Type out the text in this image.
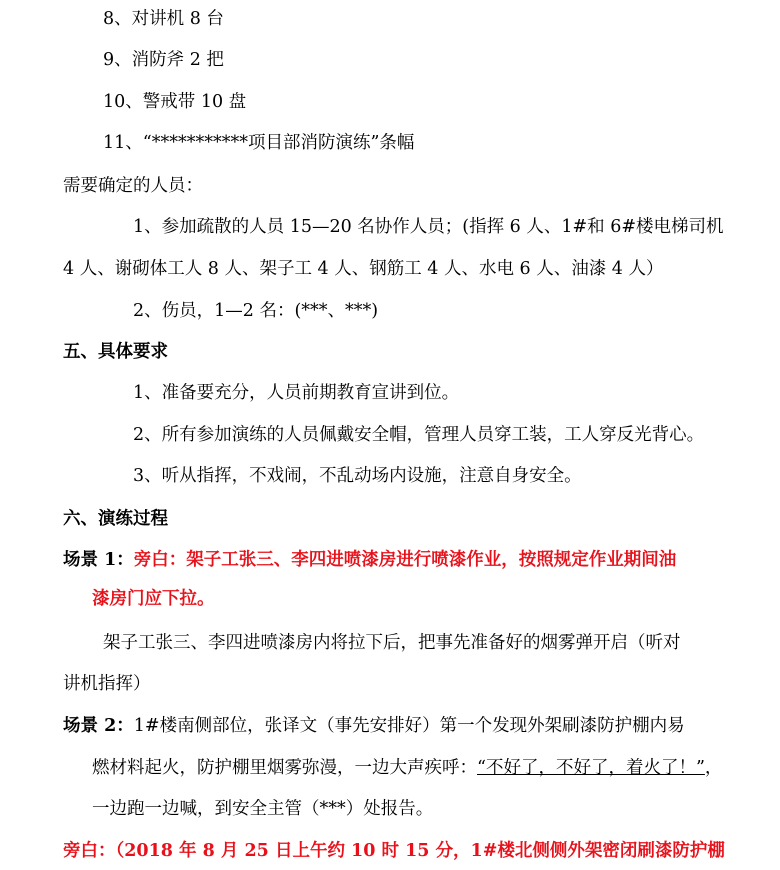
8、对讲机 8 台
9、消防斧 2 把
10、警戒带 10 盘
11、“***********项目部消防演练”条幅
需要确定的人员：
1、参加疏散的人员 15—20 名协作人员；(指挥 6 人、1#和 6#楼电梯司机
4 人、谢砌体工人 8 人、架子工 4 人、钢筋工 4 人、水电 6 人、油漆 4 人）
2、伤员，1—2 名：(***、***)
五、具体要求
1、准备要充分，人员前期教育宣讲到位。
2、所有参加演练的人员佩戴安全帽，管理人员穿工装，工人穿反光背心。
3、听从指挥，不戏闹，不乱动场内设施，注意自身安全。
六、演练过程
场景 1：旁白：架子工张三、李四进喷漆房进行喷漆作业，按照规定作业期间油
漆房门应下拉。
架子工张三、李四进喷漆房内将拉下后，把事先准备好的烟雾弹开启（听对
讲机指挥）
场景 2：1#楼南侧部位，张译文（事先安排好）第一个发现外架刷漆防护棚内易
燃材料起火，防护棚里烟雾弥漫，一边大声疾呼：“不好了，不好了，着火了！”，
一边跑一边喊，到安全主管（***）处报告。
旁白：（2018 年 8 月 25 日上午约 10 时 15 分，1#楼北侧侧外架密闭刷漆防护棚
